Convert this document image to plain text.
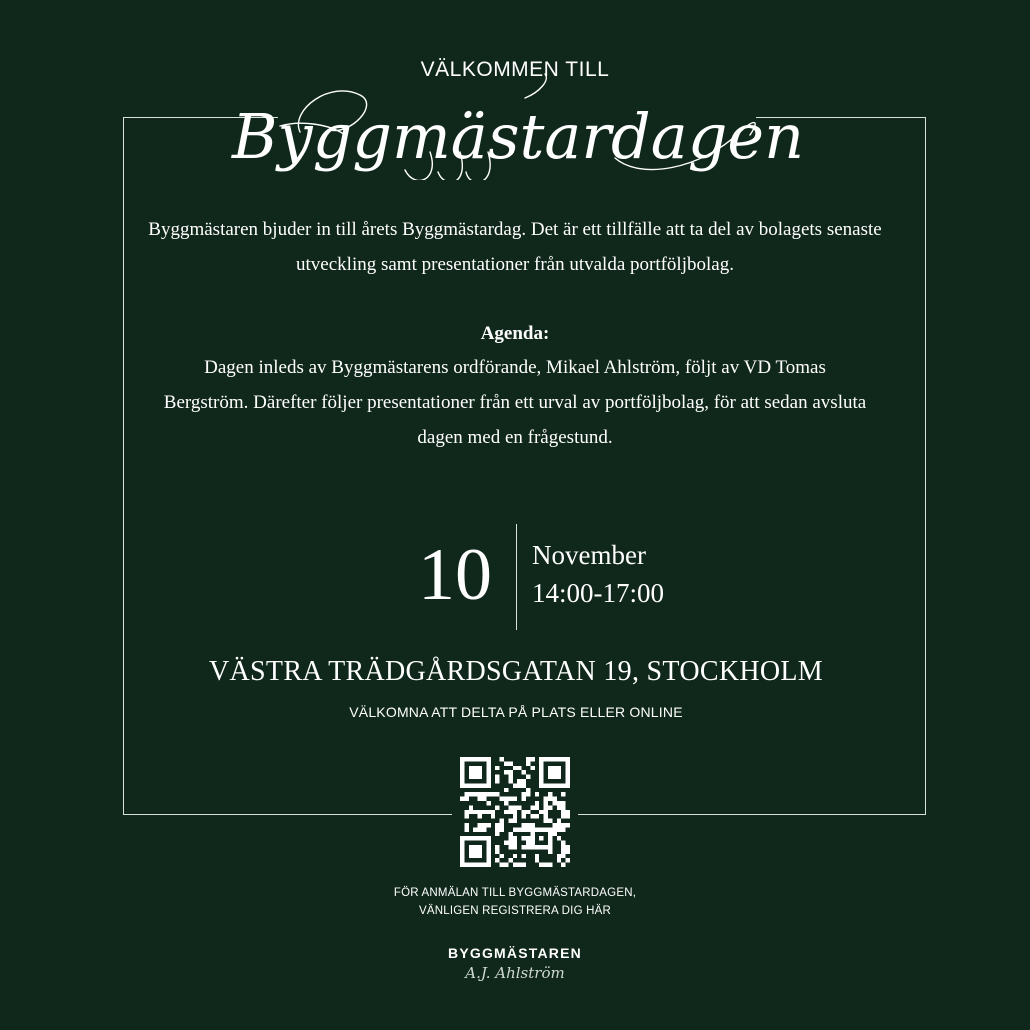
VÄLKOMMEN TILL
Byggmästardagen
Byggmästaren bjuder in till årets Byggmästardag. Det är ett tillfälle att ta del av bolagets senaste utveckling samt presentationer från utvalda portföljbolag.
Agenda:
Dagen inleds av Byggmästarens ordförande, Mikael Ahlström, följt av VD Tomas Bergström. Därefter följer presentationer från ett urval av portföljbolag, för att sedan avsluta dagen med en frågestund.
10	November
14:00-17:00
VÄSTRA TRÄDGÅRDSGATAN 19, STOCKHOLM
VÄLKOMNA ATT DELTA PÅ PLATS ELLER ONLINE
FÖR ANMÄLAN TILL BYGGMÄSTARDAGEN,
VÄNLIGEN REGISTRERA DIG HÄR
BYGGMÄSTAREN
A.J. Ahlström
